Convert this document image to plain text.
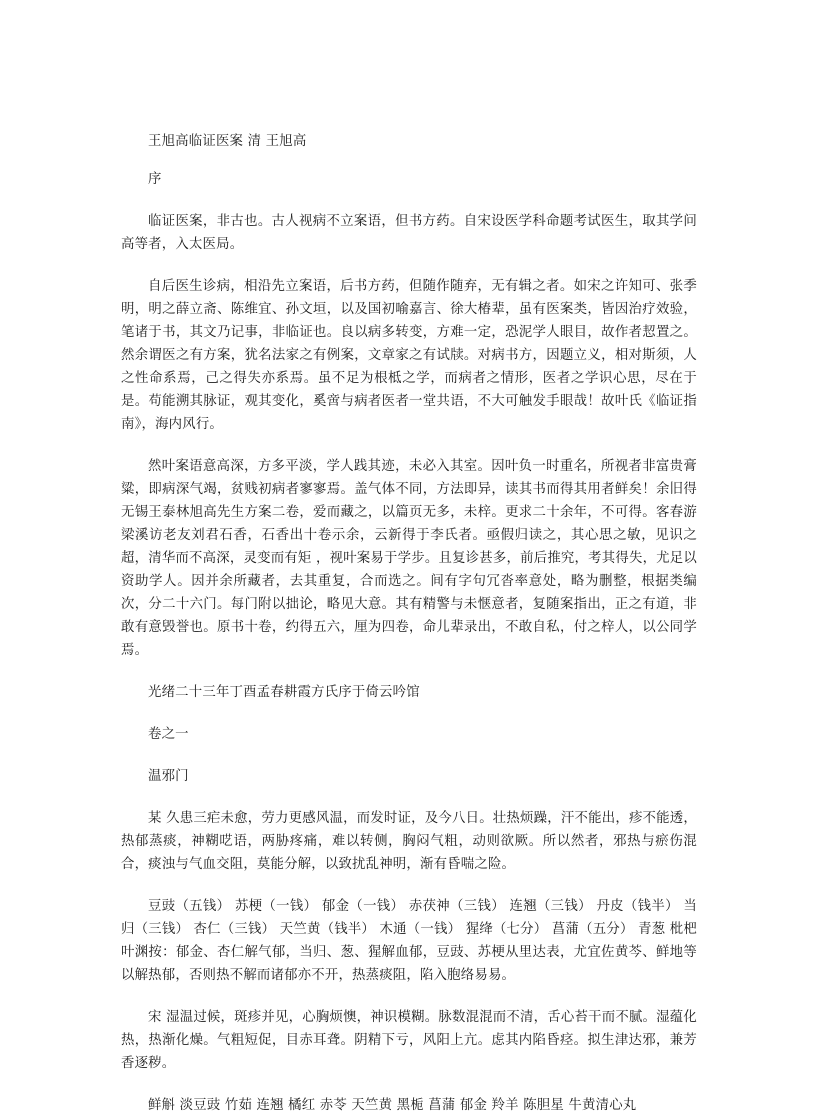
王旭高临证医案 清 王旭高

序

临证医案，非古也。古人视病不立案语，但书方药。自宋设医学科命题考试医生，取其学问高等者，入太医局。

自后医生诊病，相沿先立案语，后书方药，但随作随弃，无有辑之者。如宋之许知可、张季明，明之薛立斋、陈维宜、孙文垣，以及国初喻嘉言、徐大椿辈，虽有医案类，皆因治疗效验，笔诸于书，其文乃记事，非临证也。良以病多转变，方难一定，恐泥学人眼目，故作者恝置之。然余谓医之有方案，犹名法家之有例案，文章家之有试牍。对病书方，因题立义，相对斯须，人之性命系焉，己之得失亦系焉。虽不足为根柢之学，而病者之情形，医者之学识心思，尽在于是。苟能溯其脉证，观其变化，奚啻与病者医者一堂共语，不大可触发手眼哉！故叶氏《临证指南》，海内风行。

然叶案语意高深，方多平淡，学人践其迹，未必入其室。因叶负一时重名，所视者非富贵膏粱，即病深气竭，贫贱初病者寥寥焉。盖气体不同，方法即异，读其书而得其用者鲜矣！余旧得无锡王泰林旭高先生方案二卷，爱而藏之，以篇页无多，未梓。更求二十余年，不可得。客春游梁溪访老友刘君石香，石香出十卷示余，云新得于李氏者。亟假归读之，其心思之敏，见识之超，清华而不高深，灵变而有矩 ，视叶案易于学步。且复诊甚多，前后推究，考其得失，尤足以资助学人。因并余所藏者，去其重复，合而选之。间有字句冗沓率意处，略为删整，根据类编次，分二十六门。每门附以拙论，略见大意。其有精警与未惬意者，复随案指出，正之有道，非敢有意毁誉也。原书十卷，约得五六，厘为四卷，命儿辈录出，不敢自私，付之梓人，以公同学焉。

光绪二十三年丁酉孟春耕霞方氏序于倚云吟馆

卷之一

温邪门

某 久患三疟未愈，劳力更感风温，而发时证，及今八日。壮热烦躁，汗不能出，疹不能透，热郁蒸痰，神糊呓语，两胁疼痛，难以转侧，胸闷气粗，动则欲厥。所以然者，邪热与瘀伤混合，痰浊与气血交阻，莫能分解，以致扰乱神明，渐有昏喘之险。

豆豉（五钱） 苏梗（一钱） 郁金（一钱） 赤茯神（三钱） 连翘（三钱） 丹皮（钱半） 当归（三钱） 杏仁（三钱） 天竺黄（钱半） 木通（一钱） 猩绛（七分） 菖蒲（五分） 青葱 枇杷叶渊按：郁金、杏仁解气郁，当归、葱、猩解血郁，豆豉、苏梗从里达表，尤宜佐黄芩、鲜地等以解热郁，否则热不解而诸郁亦不开，热蒸痰阻，陷入胞络易易。

宋 湿温过候，斑疹并见，心胸烦懊，神识模糊。脉数混混而不清，舌心苔干而不腻。湿蕴化热，热渐化燥。气粗短促，目赤耳聋。阴精下亏，风阳上亢。虑其内陷昏痉。拟生津达邪，兼芳香逐秽。

鲜斛 淡豆豉 竹茹 连翘 橘红 赤苓 天竺黄 黑栀 菖蒲 郁金 羚羊 陈胆星 牛黄清心丸
